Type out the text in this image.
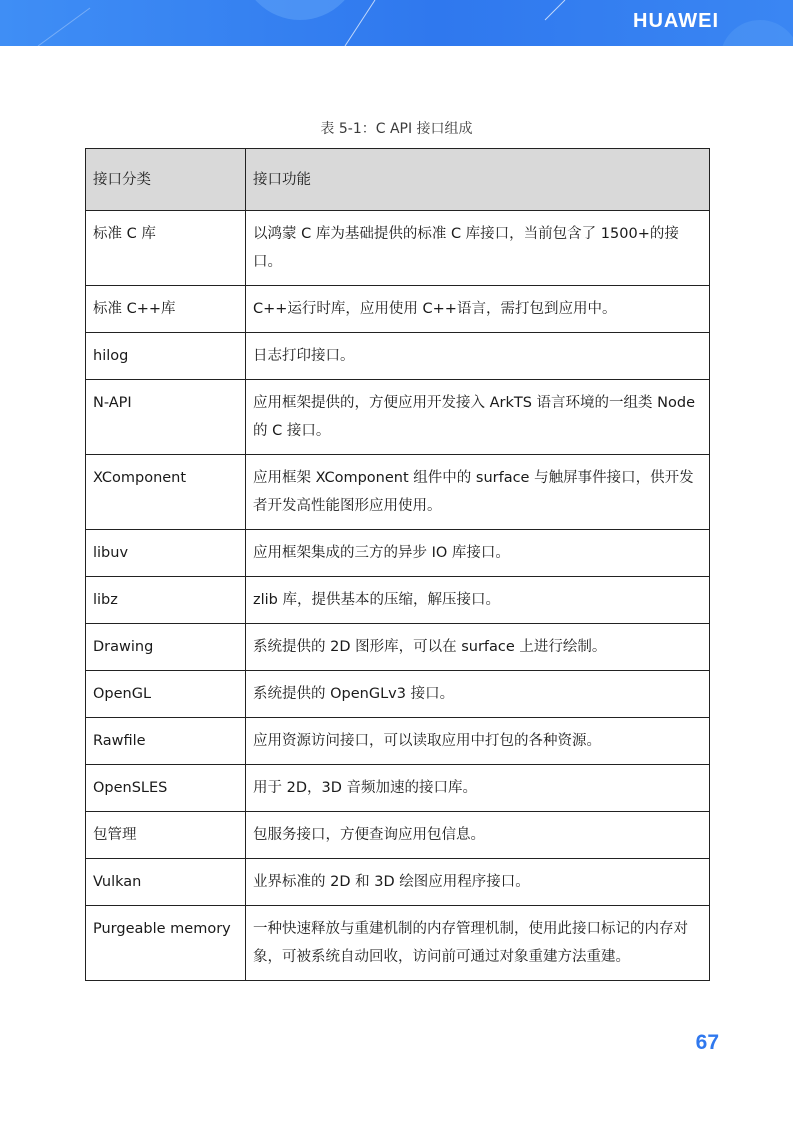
HUAWEI
表 5-1：C API 接口组成
接口分类	接口功能
标准 C 库	以鸿蒙 C 库为基础提供的标准 C 库接口，当前包含了 1500+的接口。
标准 C++库	C++运行时库，应用使用 C++语言，需打包到应用中。
hilog	日志打印接口。
N-API	应用框架提供的，方便应用开发接入 ArkTS 语言环境的一组类 Node 的 C 接口。
XComponent	应用框架 XComponent 组件中的 surface 与触屏事件接口，供开发者开发高性能图形应用使用。
libuv	应用框架集成的三方的异步 IO 库接口。
libz	zlib 库，提供基本的压缩，解压接口。
Drawing	系统提供的 2D 图形库，可以在 surface 上进行绘制。
OpenGL	系统提供的 OpenGLv3 接口。
Rawfile	应用资源访问接口，可以读取应用中打包的各种资源。
OpenSLES	用于 2D，3D 音频加速的接口库。
包管理	包服务接口，方便查询应用包信息。
Vulkan	业界标准的 2D 和 3D 绘图应用程序接口。
Purgeable memory	一种快速释放与重建机制的内存管理机制，使用此接口标记的内存对象，可被系统自动回收，访问前可通过对象重建方法重建。
67
